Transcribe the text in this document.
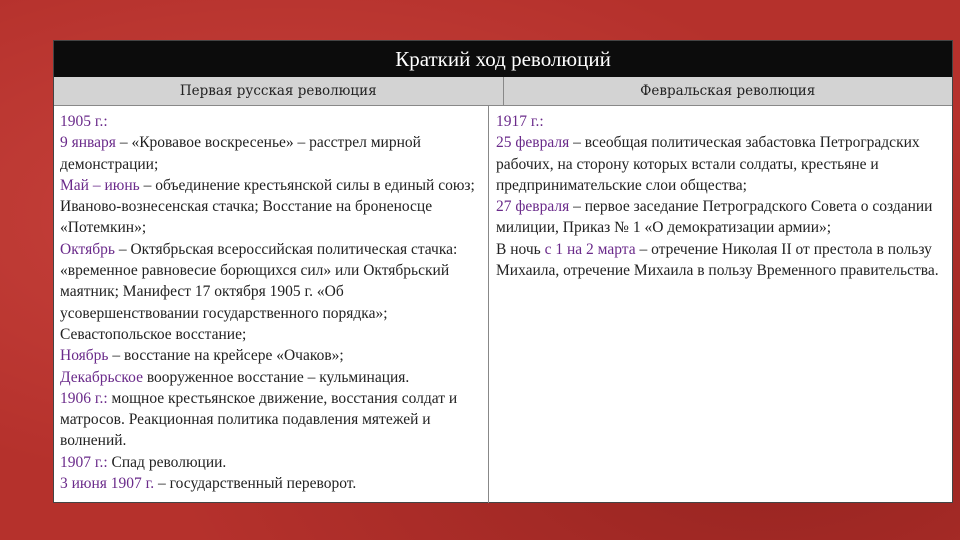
Краткий ход революций
Первая русская революция	Февральская революция

1905 г.:

9 января – «Кровавое воскресенье» – расстрел мирной демонстрации;

Май – июнь – объединение крестьянской силы в единый союз; Иваново-вознесенская стачка; Восстание на броненосце «Потемкин»;

Октябрь – Октябрьская всероссийская политическая стачка: «временное равновесие борющихся сил» или Октябрьский маятник; Манифест 17 октября 1905 г. «Об усовершенствовании государственного порядка»; Севастопольское восстание;

Ноябрь – восстание на крейсере «Очаков»;

Декабрьское вооруженное восстание – кульминация.

1906 г.: мощное крестьянское движение, восстания солдат и матросов. Реакционная политика подавления мятежей и волнений.

1907 г.: Спад революции.

3 июня 1907 г. – государственный переворот.

1917 г.:

25 февраля – всеобщая политическая забастовка Петроградских рабочих, на сторону которых встали солдаты, крестьяне и предпринимательские слои общества;

27 февраля – первое заседание Петроградского Совета о создании милиции, Приказ № 1 «О демократизации армии»;

В ночь с 1 на 2 марта – отречение Николая II от престола в пользу Михаила, отречение Михаила в пользу Временного правительства.
